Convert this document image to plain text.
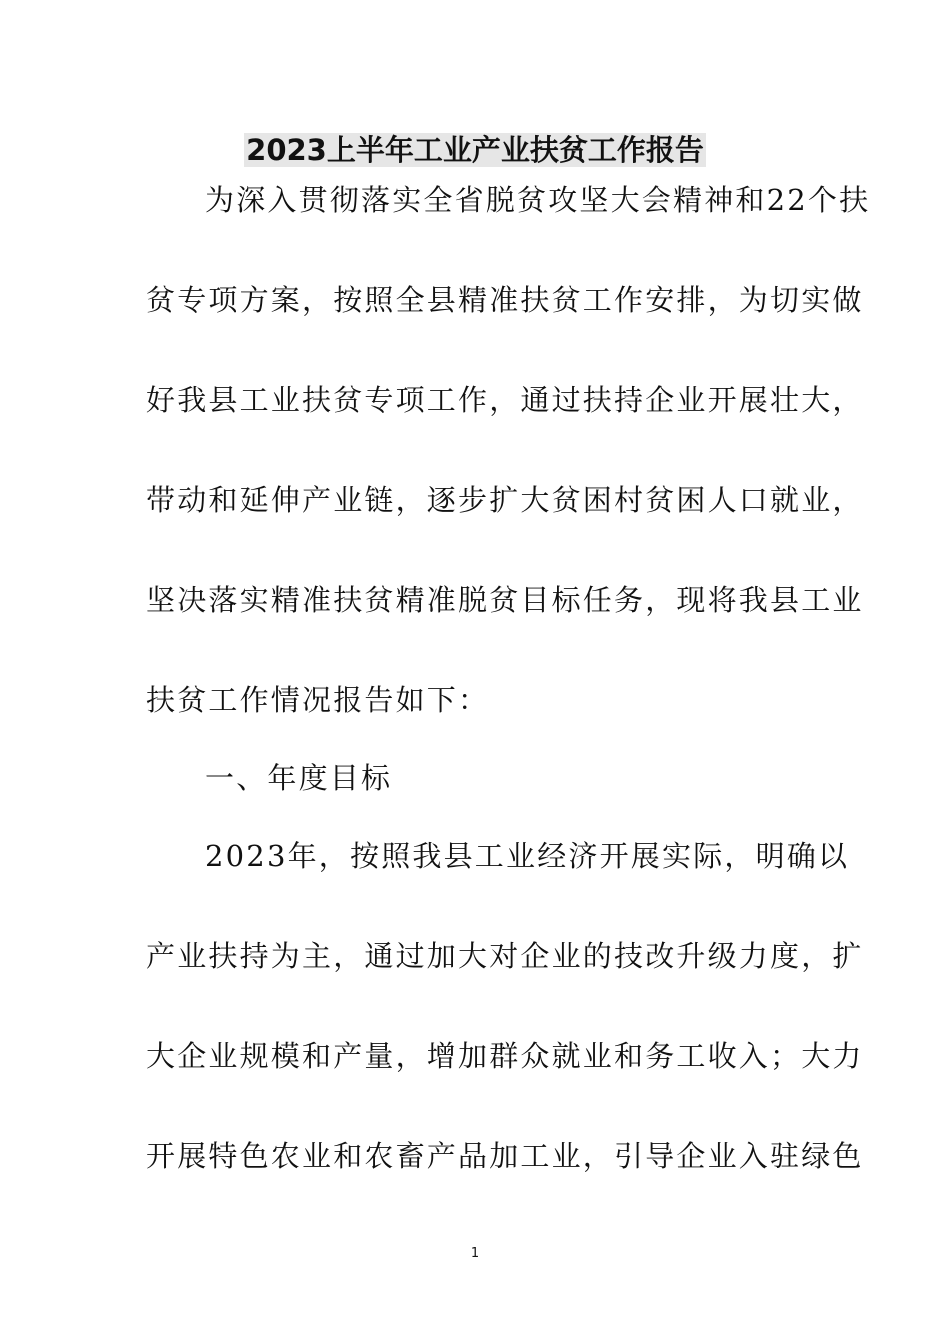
2023上半年工业产业扶贫工作报告
为深入贯彻落实全省脱贫攻坚大会精神和22个扶
贫专项方案，按照全县精准扶贫工作安排，为切实做
好我县工业扶贫专项工作，通过扶持企业开展壮大，
带动和延伸产业链，逐步扩大贫困村贫困人口就业，
坚决落实精准扶贫精准脱贫目标任务，现将我县工业
扶贫工作情况报告如下：
一、年度目标
2023年，按照我县工业经济开展实际，明确以
产业扶持为主，通过加大对企业的技改升级力度，扩
大企业规模和产量，增加群众就业和务工收入；大力
开展特色农业和农畜产品加工业，引导企业入驻绿色
1
